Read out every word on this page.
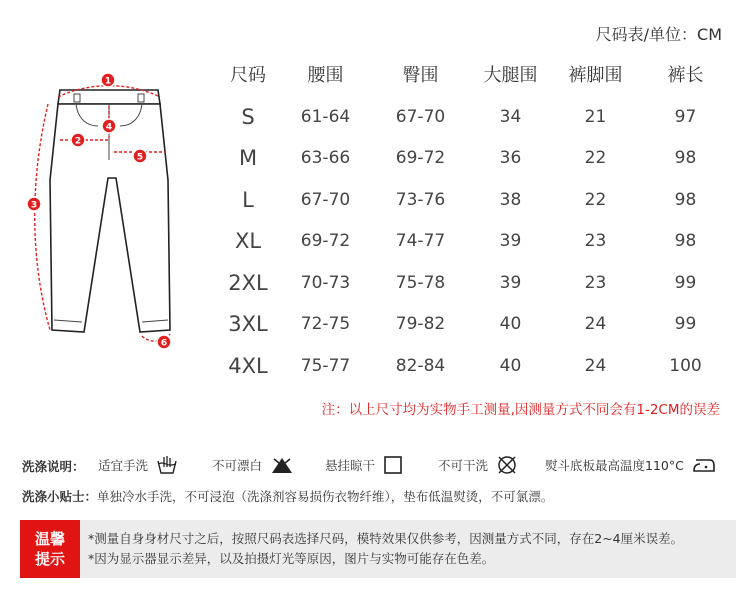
尺码表/单位：CM
1
2
3
4
5
6
尺码	腰围	臀围	大腿围	裤脚围	裤长
S	61-64	67-70	34	21	97
M	63-66	69-72	36	22	98
L	67-70	73-76	38	22	98
XL	69-72	74-77	39	23	98
2XL	70-73	75-78	39	23	99
3XL	72-75	79-82	40	24	99
4XL	75-77	82-84	40	24	100
注：以上尺寸均为实物手工测量,因测量方式不同会有1-2CM的误差
洗涤说明： 适宜手洗	不可漂白	悬挂晾干	不可干洗	熨斗底板最高温度110°C
洗涤小贴士：单独冷水手洗，不可浸泡（洗涤剂容易损伤衣物纤维），垫布低温熨烫，不可氯漂。
温馨
提示
*测量自身身材尺寸之后，按照尺码表选择尺码，模特效果仅供参考，因测量方式不同，存在2~4厘米误差。
*因为显示器显示差异，以及拍摄灯光等原因，图片与实物可能存在色差。
